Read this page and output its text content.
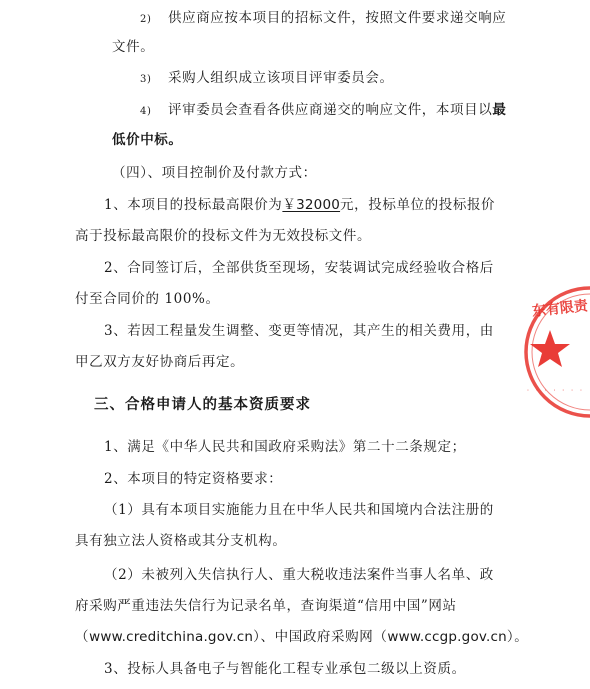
2) 供应商应按本项目的招标文件，按照文件要求递交响应
文件。
3) 采购人组织成立该项目评审委员会。
4) 评审委员会查看各供应商递交的响应文件，本项目以最
低价中标。
（四）、项目控制价及付款方式：
1、本项目的投标最高限价为￥32000元，投标单位的投标报价
高于投标最高限价的投标文件为无效投标文件。
2、合同签订后，全部供货至现场，安装调试完成经验收合格后
付至合同价的 100%。
3、若因工程量发生调整、变更等情况，其产生的相关费用，由
甲乙双方友好协商后再定。
三、合格申请人的基本资质要求
1、满足《中华人民共和国政府采购法》第二十二条规定；
2、本项目的特定资格要求：
（1）具有本项目实施能力且在中华人民共和国境内合法注册的
具有独立法人资格或其分支机构。
（2）未被列入失信执行人、重大税收违法案件当事人名单、政
府采购严重违法失信行为记录名单，查询渠道“信用中国”网站
（www.creditchina.gov.cn）、中国政府采购网（www.ccgp.gov.cn）。
3、投标人具备电子与智能化工程专业承包二级以上资质。
东有限责
· · · · · · ·
